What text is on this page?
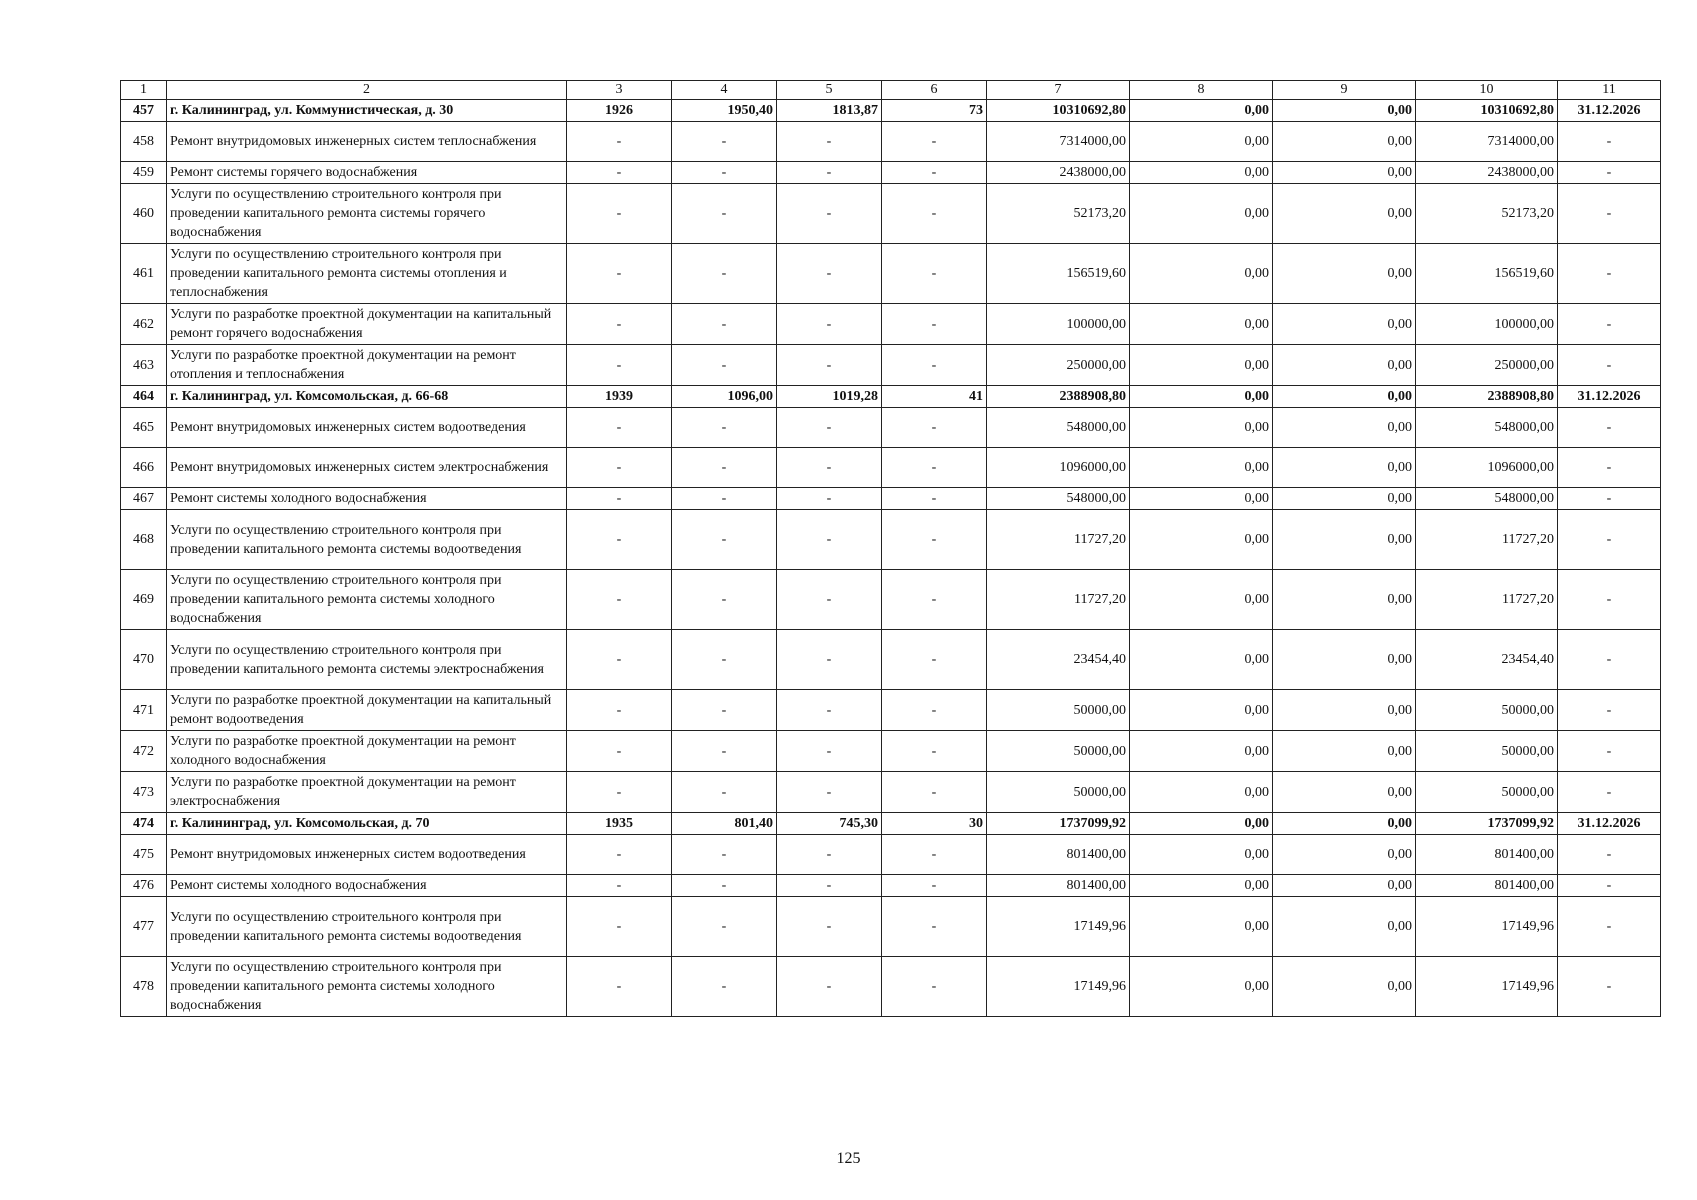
1	2	3	4	5	6	7	8	9	10	11
457	г. Калининград, ул. Коммунистическая, д. 30	1926	1950,40	1813,87	73	10310692,80	0,00	0,00	10310692,80	31.12.2026
458	Ремонт внутридомовых инженерных систем теплоснабжения	-	-	-	-	7314000,00	0,00	0,00	7314000,00	-
459	Ремонт системы горячего водоснабжения	-	-	-	-	2438000,00	0,00	0,00	2438000,00	-
460	Услуги по осуществлению строительного контроля при проведении капитального ремонта системы горячего водоснабжения	-	-	-	-	52173,20	0,00	0,00	52173,20	-
461	Услуги по осуществлению строительного контроля при проведении капитального ремонта системы отопления и теплоснабжения	-	-	-	-	156519,60	0,00	0,00	156519,60	-
462	Услуги по разработке проектной документации на капитальный ремонт горячего водоснабжения	-	-	-	-	100000,00	0,00	0,00	100000,00	-
463	Услуги по разработке проектной документации на ремонт отопления и теплоснабжения	-	-	-	-	250000,00	0,00	0,00	250000,00	-
464	г. Калининград, ул. Комсомольская, д. 66-68	1939	1096,00	1019,28	41	2388908,80	0,00	0,00	2388908,80	31.12.2026
465	Ремонт внутридомовых инженерных систем водоотведения	-	-	-	-	548000,00	0,00	0,00	548000,00	-
466	Ремонт внутридомовых инженерных систем электроснабжения	-	-	-	-	1096000,00	0,00	0,00	1096000,00	-
467	Ремонт системы холодного водоснабжения	-	-	-	-	548000,00	0,00	0,00	548000,00	-
468	Услуги по осуществлению строительного контроля при проведении капитального ремонта системы водоотведения	-	-	-	-	11727,20	0,00	0,00	11727,20	-
469	Услуги по осуществлению строительного контроля при проведении капитального ремонта системы холодного водоснабжения	-	-	-	-	11727,20	0,00	0,00	11727,20	-
470	Услуги по осуществлению строительного контроля при проведении капитального ремонта системы электроснабжения	-	-	-	-	23454,40	0,00	0,00	23454,40	-
471	Услуги по разработке проектной документации на капитальный ремонт водоотведения	-	-	-	-	50000,00	0,00	0,00	50000,00	-
472	Услуги по разработке проектной документации на ремонт холодного водоснабжения	-	-	-	-	50000,00	0,00	0,00	50000,00	-
473	Услуги по разработке проектной документации на ремонт электроснабжения	-	-	-	-	50000,00	0,00	0,00	50000,00	-
474	г. Калининград, ул. Комсомольская, д. 70	1935	801,40	745,30	30	1737099,92	0,00	0,00	1737099,92	31.12.2026
475	Ремонт внутридомовых инженерных систем водоотведения	-	-	-	-	801400,00	0,00	0,00	801400,00	-
476	Ремонт системы холодного водоснабжения	-	-	-	-	801400,00	0,00	0,00	801400,00	-
477	Услуги по осуществлению строительного контроля при проведении капитального ремонта системы водоотведения	-	-	-	-	17149,96	0,00	0,00	17149,96	-
478	Услуги по осуществлению строительного контроля при проведении капитального ремонта системы холодного водоснабжения	-	-	-	-	17149,96	0,00	0,00	17149,96	-
125
